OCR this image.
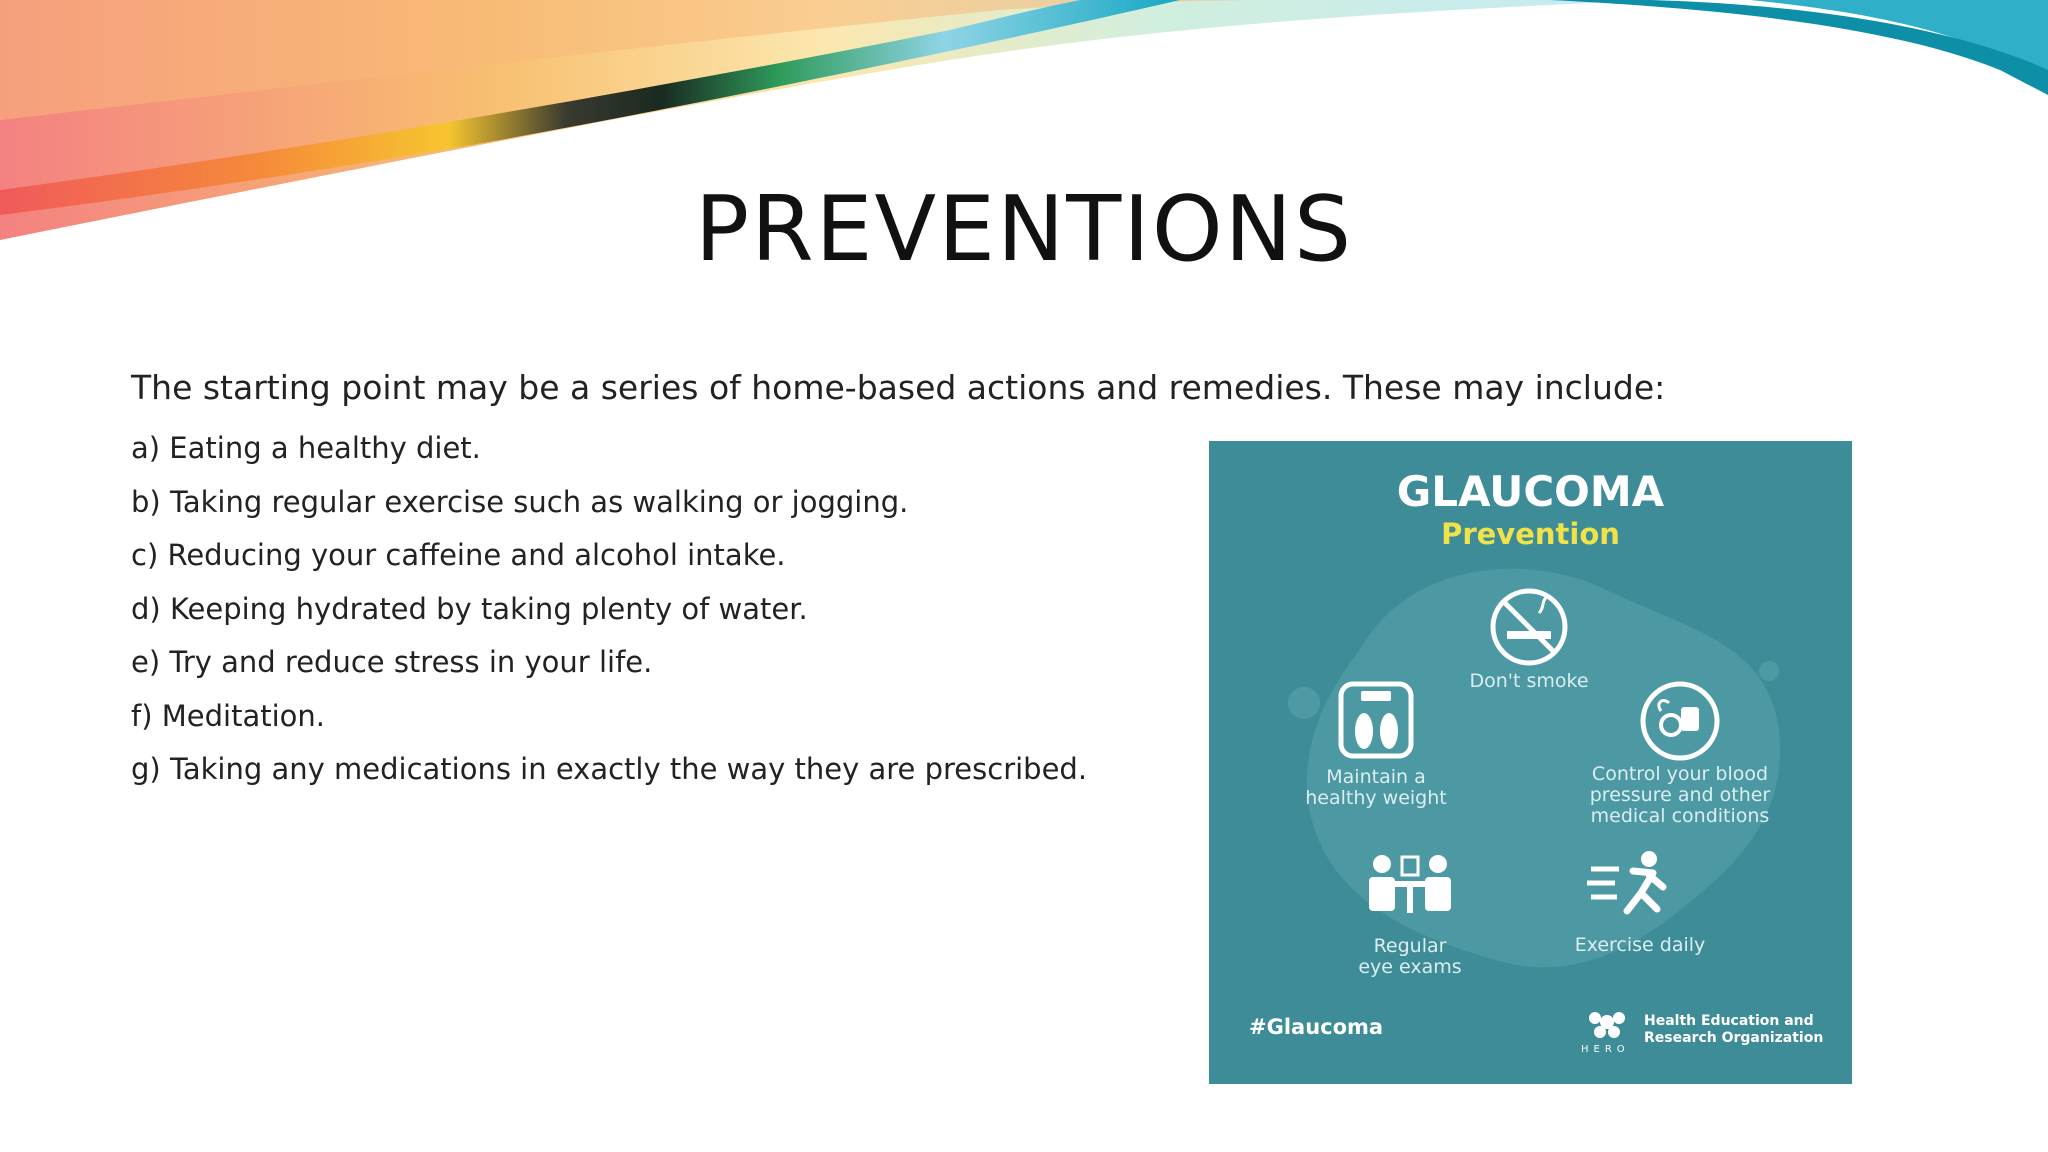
PREVENTIONS
The starting point may be a series of home-based actions and remedies. These may include:
a) Eating a healthy diet.
b) Taking regular exercise such as walking or jogging.
c) Reducing your caffeine and alcohol intake.
d) Keeping hydrated by taking plenty of water.
e) Try and reduce stress in your life.
f) Meditation.
g) Taking any medications in exactly the way they are prescribed.
GLAUCOMA
Prevention
Don't smoke
Maintain a
healthy weight
Control your blood
pressure and other
medical conditions
Regular
eye exams
Exercise daily
#Glaucoma	Health Education and
Research Organization
HERO
